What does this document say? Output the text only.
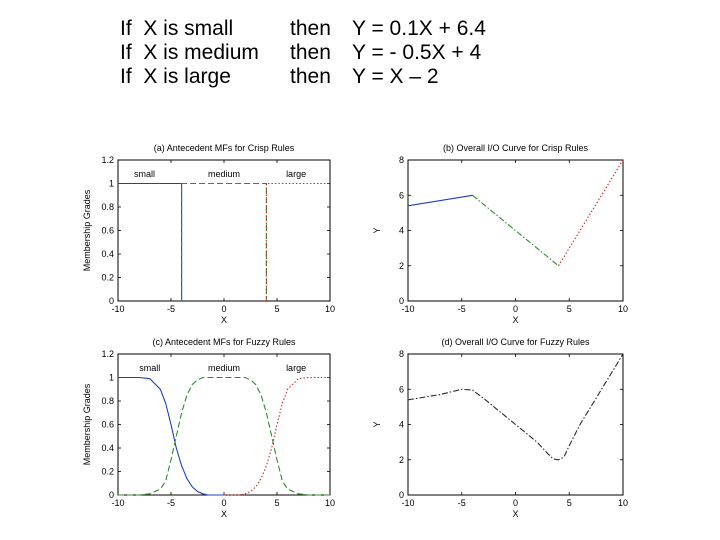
If  X is small	then	Y = 0.1X + 6.4
If  X is medium	then	Y = - 0.5X + 4
If  X is large	then	Y = X – 2
-10	-5	0	5	10
0
0.2
0.4
0.6
0.8
1
1.2
(a) Antecedent MFs for Crisp Rules
X
Membership Grades
small	medium	large
-10	-5	0	5	10
0
2
4
6
8
(b) Overall I/O Curve for Crisp Rules
X
Y
-10	-5	0	5	10
0
0.2
0.4
0.6
0.8
1
1.2
(c) Antecedent MFs for Fuzzy Rules
X
Membership Grades
small	medium	large
-10	-5	0	5	10
0
2
4
6
8
(d) Overall I/O Curve for Fuzzy Rules
X
Y
